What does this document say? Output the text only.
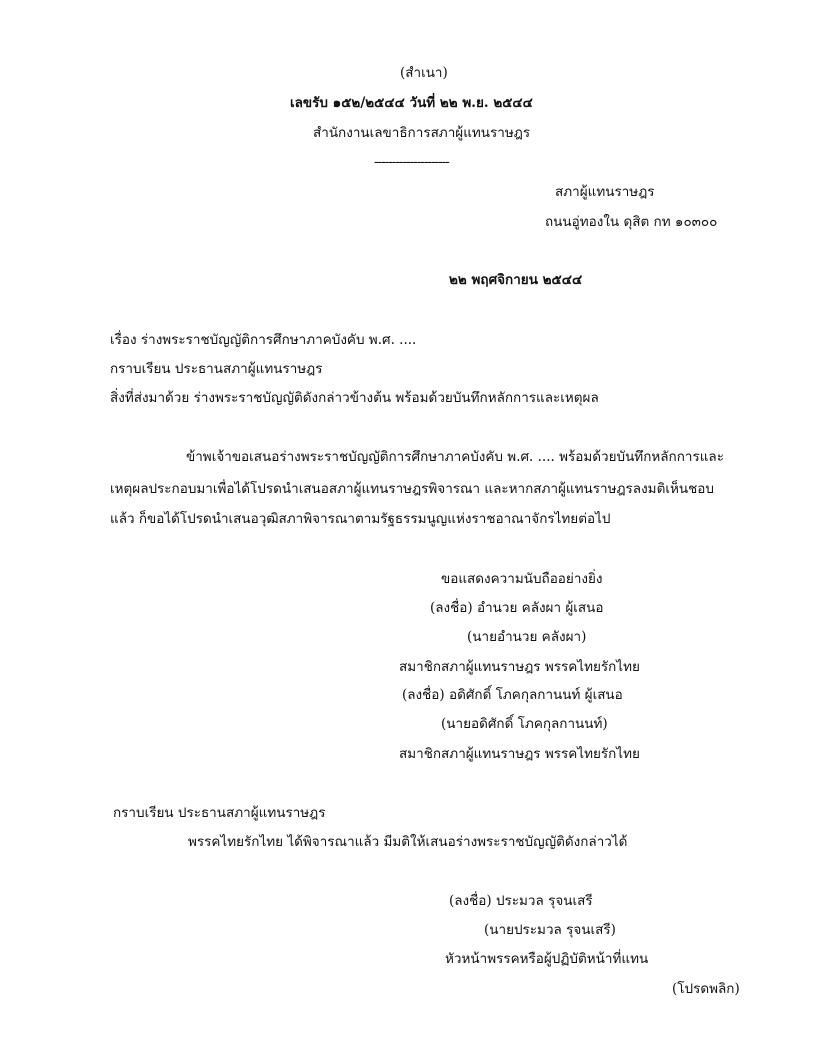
(สำเนา)
เลขรับ ๑๕๒/๒๕๔๔ วันที่ ๒๒ พ.ย. ๒๕๔๔
สำนักงานเลขาธิการสภาผู้แทนราษฎร
---------------------
สภาผู้แทนราษฎร
ถนนอู่ทองใน ดุสิต กท ๑๐๓๐๐
๒๒ พฤศจิกายน ๒๕๔๔
เรื่อง ร่างพระราชบัญญัติการศึกษาภาคบังคับ พ.ศ. ....
กราบเรียน ประธานสภาผู้แทนราษฎร
สิ่งที่ส่งมาด้วย ร่างพระราชบัญญัติดังกล่าวข้างต้น พร้อมด้วยบันทึกหลักการและเหตุผล
ข้าพเจ้าขอเสนอร่างพระราชบัญญัติการศึกษาภาคบังคับ พ.ศ. .... พร้อมด้วยบันทึกหลักการและ
เหตุผลประกอบมาเพื่อได้โปรดนำเสนอสภาผู้แทนราษฎรพิจารณา และหากสภาผู้แทนราษฎรลงมติเห็นชอบ
แล้ว ก็ขอได้โปรดนำเสนอวุฒิสภาพิจารณาตามรัฐธรรมนูญแห่งราชอาณาจักรไทยต่อไป
ขอแสดงความนับถืออย่างยิ่ง
(ลงชื่อ) อำนวย คลังผา ผู้เสนอ
(นายอำนวย คลังผา)
สมาชิกสภาผู้แทนราษฎร พรรคไทยรักไทย
(ลงชื่อ) อดิศักดิ์ โภคกุลกานนท์ ผู้เสนอ
(นายอดิศักดิ์ โภคกุลกานนท์)
สมาชิกสภาผู้แทนราษฎร พรรคไทยรักไทย
กราบเรียน ประธานสภาผู้แทนราษฎร
พรรคไทยรักไทย ได้พิจารณาแล้ว มีมติให้เสนอร่างพระราชบัญญัติดังกล่าวได้
(ลงชื่อ) ประมวล รุจนเสรี
(นายประมวล รุจนเสรี)
หัวหน้าพรรคหรือผู้ปฏิบัติหน้าที่แทน
(โปรดพลิก)
